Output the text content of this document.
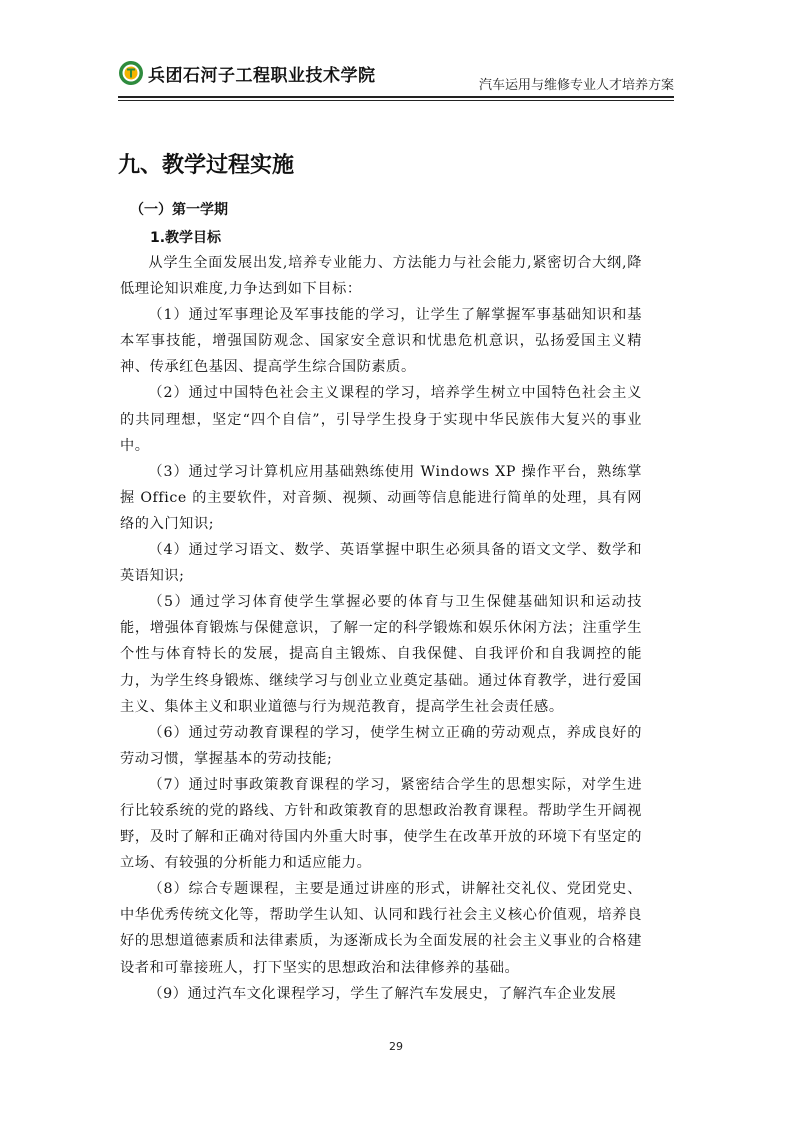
兵团石河子工程职业技术学院	汽车运用与维修专业人才培养方案
九、教学过程实施
（一）第一学期
1.教学目标

从学生全面发展出发,培养专业能力、方法能力与社会能力,紧密切合大纲,降低理论知识难度,力争达到如下目标：

（1）通过军事理论及军事技能的学习，让学生了解掌握军事基础知识和基本军事技能，增强国防观念、国家安全意识和忧患危机意识，弘扬爱国主义精神、传承红色基因、提高学生综合国防素质。

（2）通过中国特色社会主义课程的学习，培养学生树立中国特色社会主义的共同理想，坚定“四个自信”，引导学生投身于实现中华民族伟大复兴的事业中。

（3）通过学习计算机应用基础熟练使用 Windows XP 操作平台，熟练掌握 Office 的主要软件，对音频、视频、动画等信息能进行简单的处理，具有网络的入门知识;

（4）通过学习语文、数学、英语掌握中职生必须具备的语文文学、数学和英语知识;

（5）通过学习体育使学生掌握必要的体育与卫生保健基础知识和运动技能，增强体育锻炼与保健意识，了解一定的科学锻炼和娱乐休闲方法；注重学生个性与体育特长的发展，提高自主锻炼、自我保健、自我评价和自我调控的能力，为学生终身锻炼、继续学习与创业立业奠定基础。通过体育教学，进行爱国主义、集体主义和职业道德与行为规范教育，提高学生社会责任感。

（6）通过劳动教育课程的学习，使学生树立正确的劳动观点，养成良好的劳动习惯，掌握基本的劳动技能;

（7）通过时事政策教育课程的学习，紧密结合学生的思想实际，对学生进行比较系统的党的路线、方针和政策教育的思想政治教育课程。帮助学生开阔视野，及时了解和正确对待国内外重大时事，使学生在改革开放的环境下有坚定的立场、有较强的分析能力和适应能力。

（8）综合专题课程，主要是通过讲座的形式，讲解社交礼仪、党团党史、中华优秀传统文化等，帮助学生认知、认同和践行社会主义核心价值观，培养良好的思想道德素质和法律素质，为逐渐成长为全面发展的社会主义事业的合格建设者和可靠接班人，打下坚实的思想政治和法律修养的基础。

（9）通过汽车文化课程学习，学生了解汽车发展史，了解汽车企业发展

29
